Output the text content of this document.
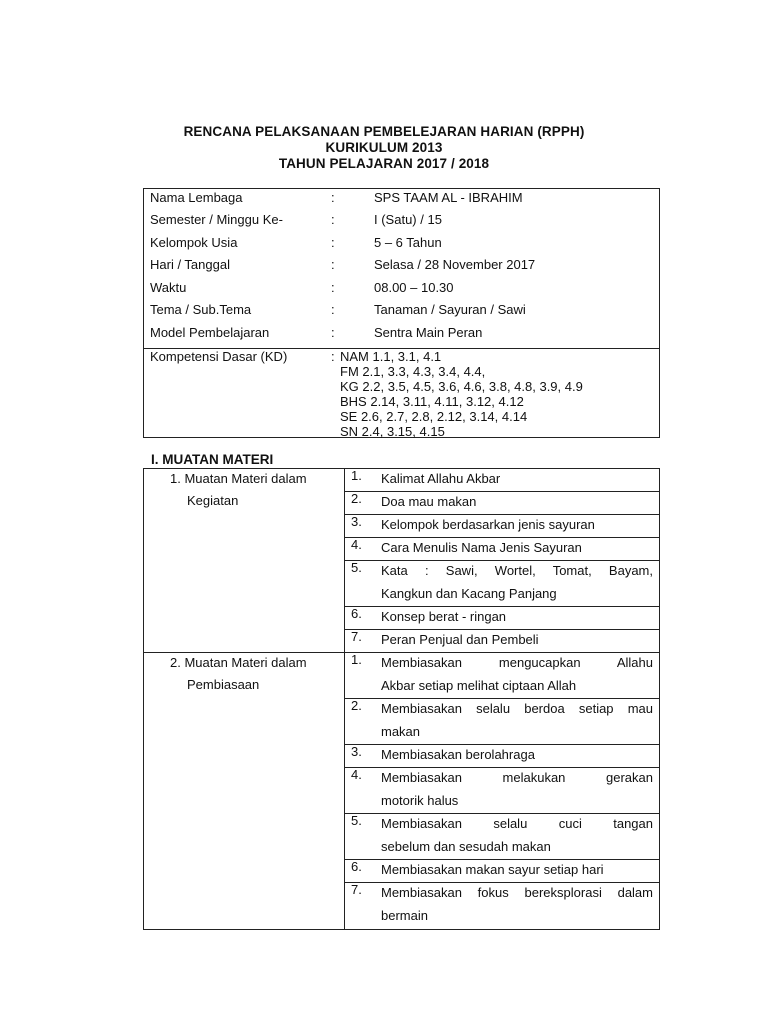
RENCANA PELAKSANAAN PEMBELEJARAN HARIAN (RPPH)
KURIKULUM 2013
TAHUN PELAJARAN 2017 / 2018
Nama Lembaga	:	SPS TAAM AL - IBRAHIM
Semester / Minggu Ke-	:	I (Satu) / 15
Kelompok Usia	:	5 – 6 Tahun
Hari / Tanggal	:	Selasa / 28 November 2017
Waktu	:	08.00 – 10.30
Tema / Sub.Tema	:	Tanaman / Sayuran / Sawi
Model Pembelajaran	:	Sentra Main Peran
Kompetensi Dasar (KD)	: NAM 1.1, 3.1, 4.1
FM 2.1, 3.3, 4.3, 3.4, 4.4,
KG 2.2, 3.5, 4.5, 3.6, 4.6, 3.8, 4.8, 3.9, 4.9
BHS 2.14, 3.11, 4.11, 3.12, 4.12
SE 2.6, 2.7, 2.8, 2.12, 3.14, 4.14
SN 2.4, 3.15, 4.15
I. MUATAN MATERI
1. Muatan Materi dalam
Kegiatan
1.	Kalimat Allahu Akbar
2.	Doa mau makan
3.	Kelompok berdasarkan jenis sayuran
4.	Cara Menulis Nama Jenis Sayuran
5.	Kata : Sawi, Wortel, Tomat, Bayam,
Kangkun dan Kacang Panjang
6.	Konsep berat - ringan
7.	Peran Penjual dan Pembeli
2. Muatan Materi dalam
Pembiasaan
1.	Membiasakan mengucapkan Allahu
Akbar setiap melihat ciptaan Allah
2.	Membiasakan selalu berdoa setiap mau
makan
3.	Membiasakan berolahraga
4.	Membiasakan melakukan gerakan
motorik halus
5.	Membiasakan selalu cuci tangan
sebelum dan sesudah makan
6.	Membiasakan makan sayur setiap hari
7.	Membiasakan fokus bereksplorasi dalam
bermain
